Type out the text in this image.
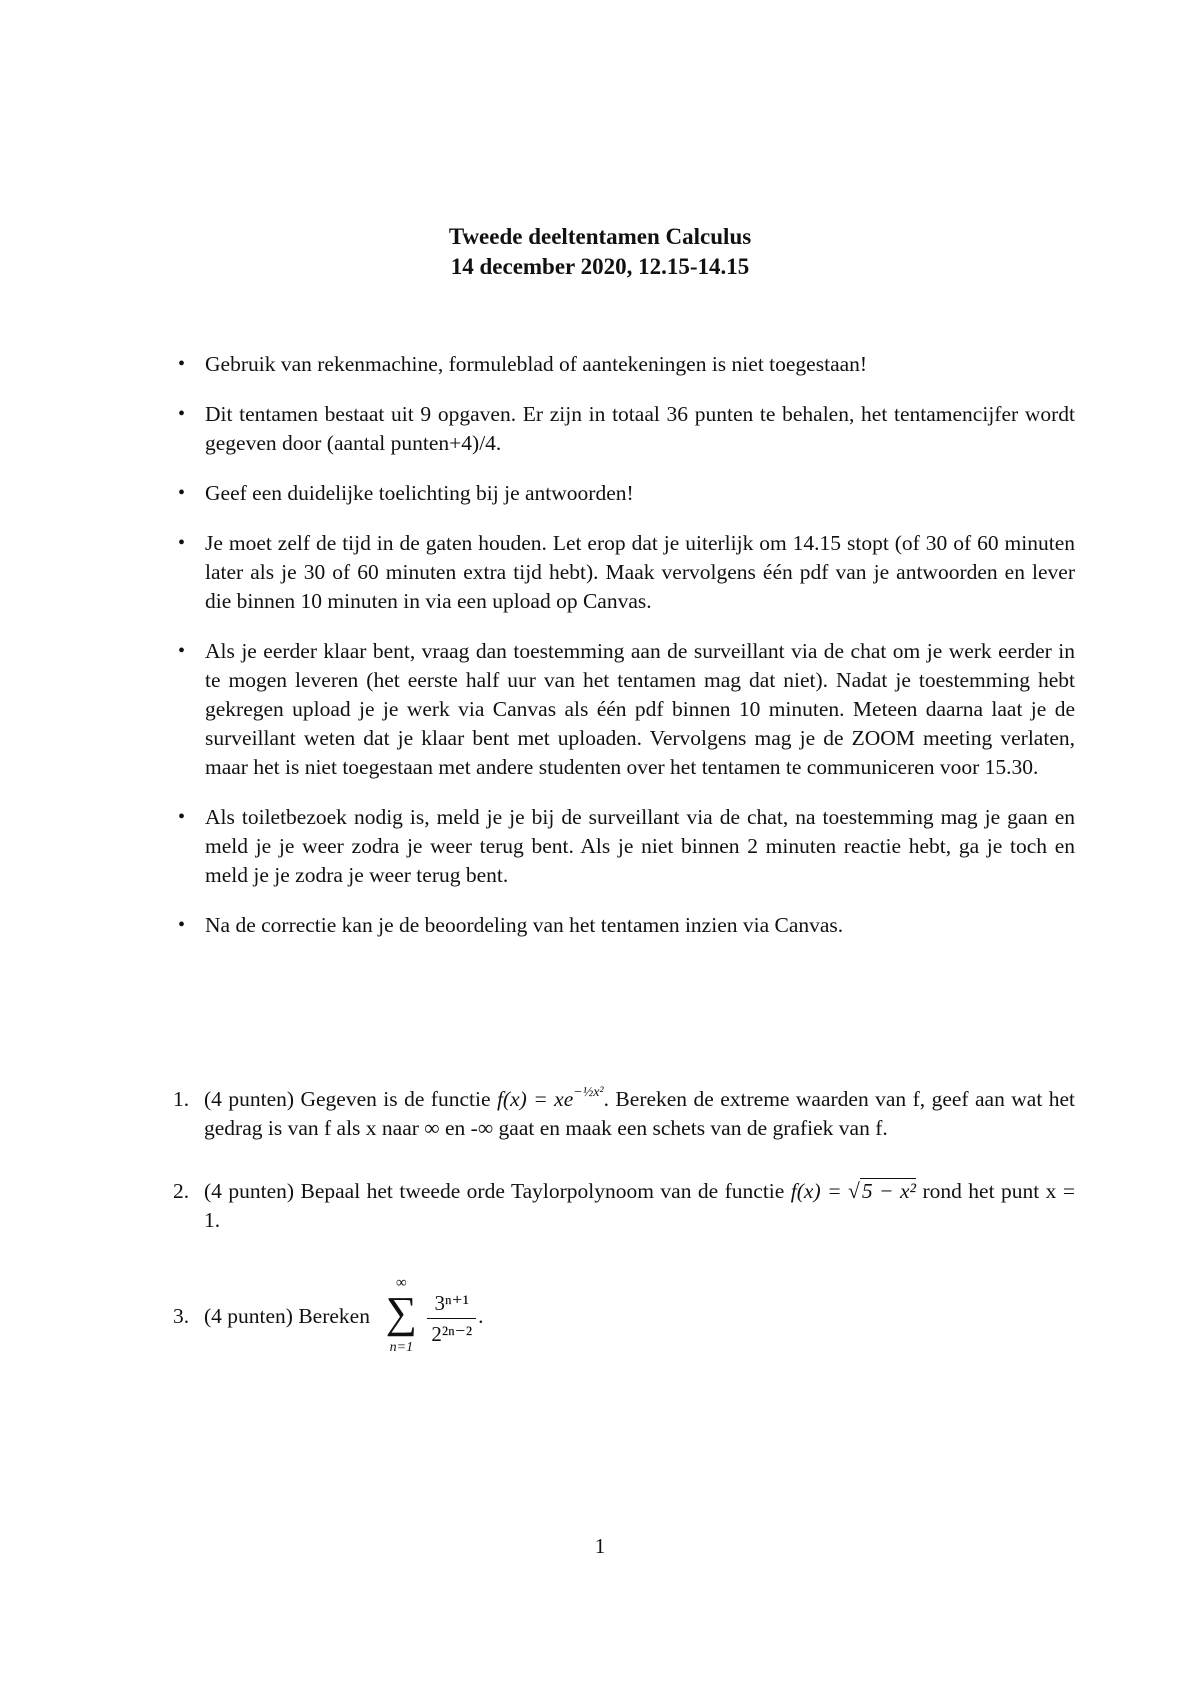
Tweede deeltentamen Calculus
14 december 2020, 12.15-14.15
• Gebruik van rekenmachine, formuleblad of aantekeningen is niet toegestaan!
• Dit tentamen bestaat uit 9 opgaven. Er zijn in totaal 36 punten te behalen, het tentamencijfer wordt gegeven door (aantal punten+4)/4.
• Geef een duidelijke toelichting bij je antwoorden!
• Je moet zelf de tijd in de gaten houden. Let erop dat je uiterlijk om 14.15 stopt (of 30 of 60 minuten later als je 30 of 60 minuten extra tijd hebt). Maak vervolgens één pdf van je antwoorden en lever die binnen 10 minuten in via een upload op Canvas.
• Als je eerder klaar bent, vraag dan toestemming aan de surveillant via de chat om je werk eerder in te mogen leveren (het eerste half uur van het tentamen mag dat niet). Nadat je toestemming hebt gekregen upload je je werk via Canvas als één pdf binnen 10 minuten. Meteen daarna laat je de surveillant weten dat je klaar bent met uploaden. Vervolgens mag je de ZOOM meeting verlaten, maar het is niet toegestaan met andere studenten over het tentamen te communiceren voor 15.30.
• Als toiletbezoek nodig is, meld je je bij de surveillant via de chat, na toestemming mag je gaan en meld je je weer zodra je weer terug bent. Als je niet binnen 2 minuten reactie hebt, ga je toch en meld je je zodra je weer terug bent.
• Na de correctie kan je de beoordeling van het tentamen inzien via Canvas.
1. (4 punten) Gegeven is de functie $f(x) = xe^{-\frac{1}{2}x^2}$. Bereken de extreme waarden van f, geef aan wat het gedrag is van f als x naar ∞ en -∞ gaat en maak een schets van de grafiek van f.
2. (4 punten) Bepaal het tweede orde Taylorpolynoom van de functie f(x) = √5 − x² rond het punt x = 1.
3. (4 punten) Bereken
∞
∑
n=1
$\frac{\text{3ⁿ⁺¹}}{\text{2²ⁿ⁻²}}$ .
1
